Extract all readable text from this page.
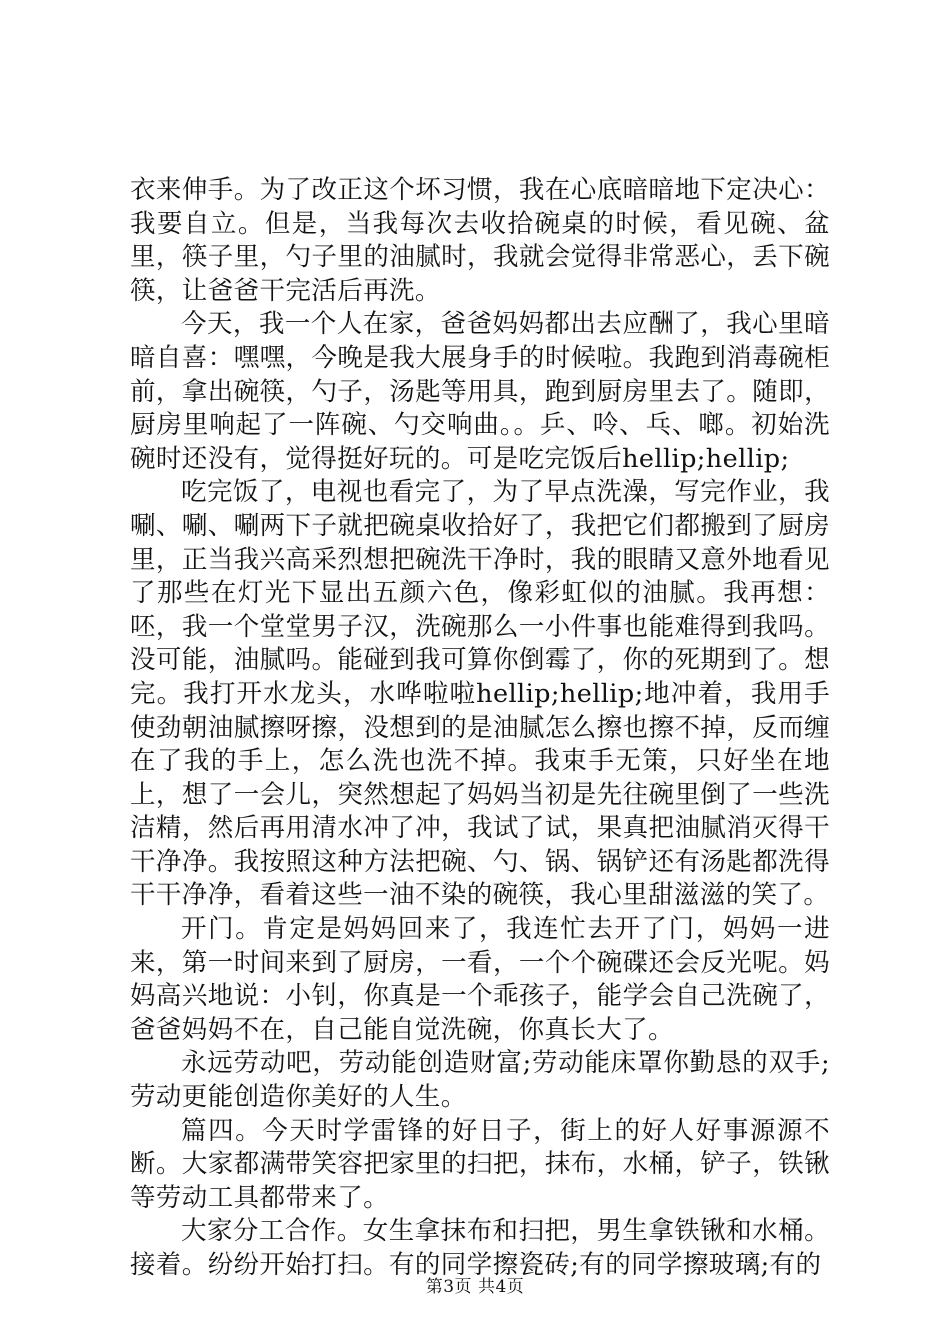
衣来伸手。为了改正这个坏习惯，我在心底暗暗地下定决心：我要自立。但是，当我每次去收拾碗桌的时候，看见碗、盆里，筷子里，勺子里的油腻时，我就会觉得非常恶心，丢下碗筷，让爸爸干完活后再洗。

今天，我一个人在家，爸爸妈妈都出去应酬了，我心里暗暗自喜：嘿嘿，今晚是我大展身手的时候啦。我跑到消毒碗柜前，拿出碗筷，勺子，汤匙等用具，跑到厨房里去了。随即，厨房里响起了一阵碗、勺交响曲。。乒、呤、乓、啷。初始洗碗时还没有，觉得挺好玩的。可是吃完饭后hellip;hellip;

吃完饭了，电视也看完了，为了早点洗澡，写完作业，我唰、唰、唰两下子就把碗桌收拾好了，我把它们都搬到了厨房里，正当我兴高采烈想把碗洗干净时，我的眼睛又意外地看见了那些在灯光下显出五颜六色，像彩虹似的油腻。我再想：呸，我一个堂堂男子汉，洗碗那么一小件事也能难得到我吗。没可能，油腻吗。能碰到我可算你倒霉了，你的死期到了。想完。我打开水龙头，水哗啦啦hellip;hellip;地冲着，我用手使劲朝油腻擦呀擦，没想到的是油腻怎么擦也擦不掉，反而缠在了我的手上，怎么洗也洗不掉。我束手无策，只好坐在地上，想了一会儿，突然想起了妈妈当初是先往碗里倒了一些洗洁精，然后再用清水冲了冲，我试了试，果真把油腻消灭得干干净净。我按照这种方法把碗、勺、锅、锅铲还有汤匙都洗得干干净净，看着这些一油不染的碗筷，我心里甜滋滋的笑了。

开门。肯定是妈妈回来了，我连忙去开了门，妈妈一进来，第一时间来到了厨房，一看，一个个碗碟还会反光呢。妈妈高兴地说：小钊，你真是一个乖孩子，能学会自己洗碗了，爸爸妈妈不在，自己能自觉洗碗，你真长大了。

永远劳动吧，劳动能创造财富;劳动能床罩你勤恳的双手;劳动更能创造你美好的人生。

篇四。今天时学雷锋的好日子，街上的好人好事源源不断。大家都满带笑容把家里的扫把，抹布，水桶，铲子，铁锹等劳动工具都带来了。

大家分工合作。女生拿抹布和扫把，男生拿铁锹和水桶。接着。纷纷开始打扫。有的同学擦瓷砖;有的同学擦玻璃;有的

第3页 共4页
